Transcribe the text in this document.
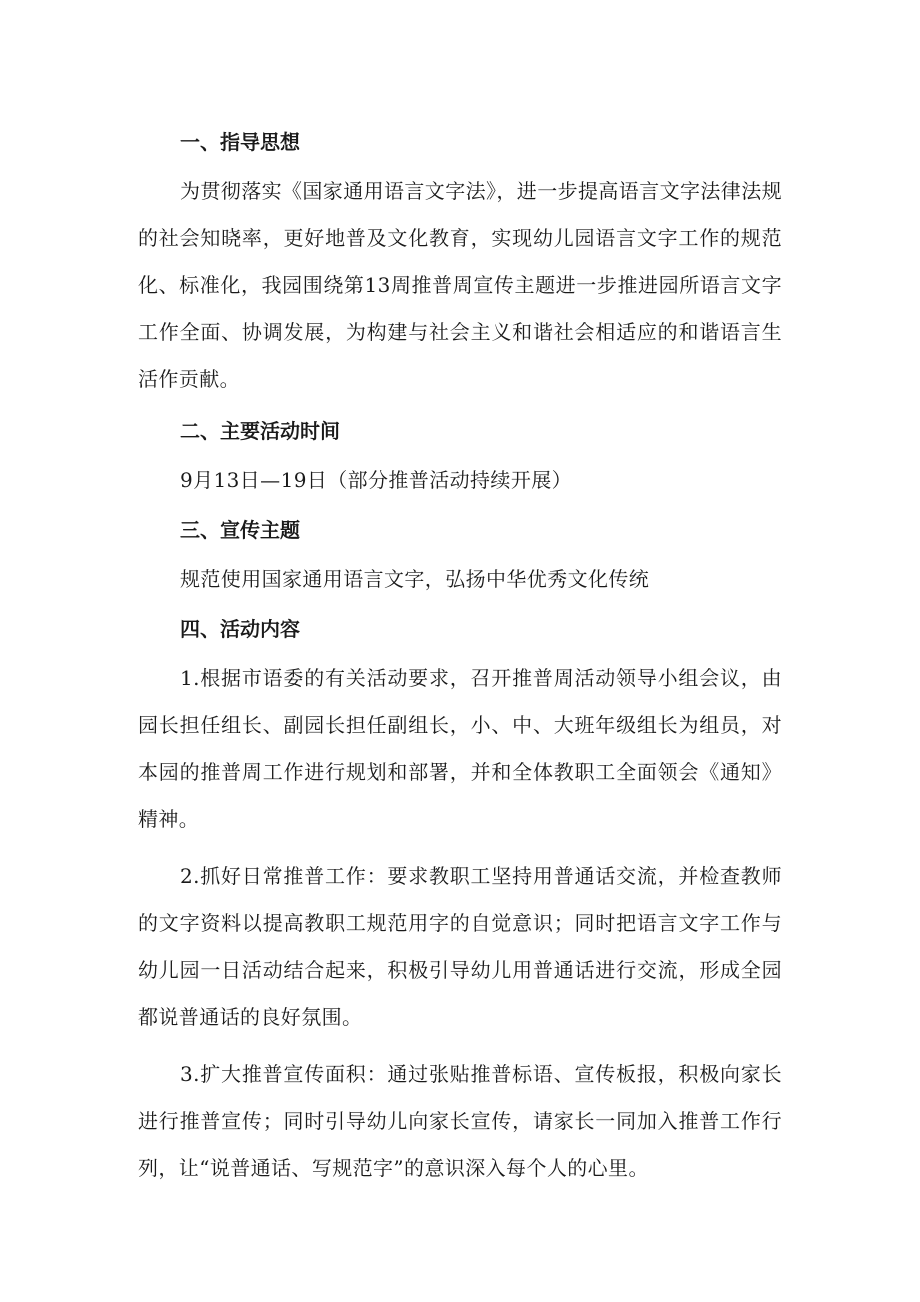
一、指导思想

为贯彻落实《国家通用语言文字法》，进一步提高语言文字法律法规的社会知晓率，更好地普及文化教育，实现幼儿园语言文字工作的规范化、标准化，我园围绕第13周推普周宣传主题进一步推进园所语言文字工作全面、协调发展，为构建与社会主义和谐社会相适应的和谐语言生活作贡献。

二、主要活动时间

9月13日—19日（部分推普活动持续开展）

三、宣传主题

规范使用国家通用语言文字，弘扬中华优秀文化传统

四、活动内容

1.根据市语委的有关活动要求，召开推普周活动领导小组会议，由园长担任组长、副园长担任副组长，小、中、大班年级组长为组员，对本园的推普周工作进行规划和部署，并和全体教职工全面领会《通知》精神。

2.抓好日常推普工作：要求教职工坚持用普通话交流，并检查教师的文字资料以提高教职工规范用字的自觉意识；同时把语言文字工作与幼儿园一日活动结合起来，积极引导幼儿用普通话进行交流，形成全园都说普通话的良好氛围。

3.扩大推普宣传面积：通过张贴推普标语、宣传板报，积极向家长进行推普宣传；同时引导幼儿向家长宣传，请家长一同加入推普工作行列，让“说普通话、写规范字”的意识深入每个人的心里。
